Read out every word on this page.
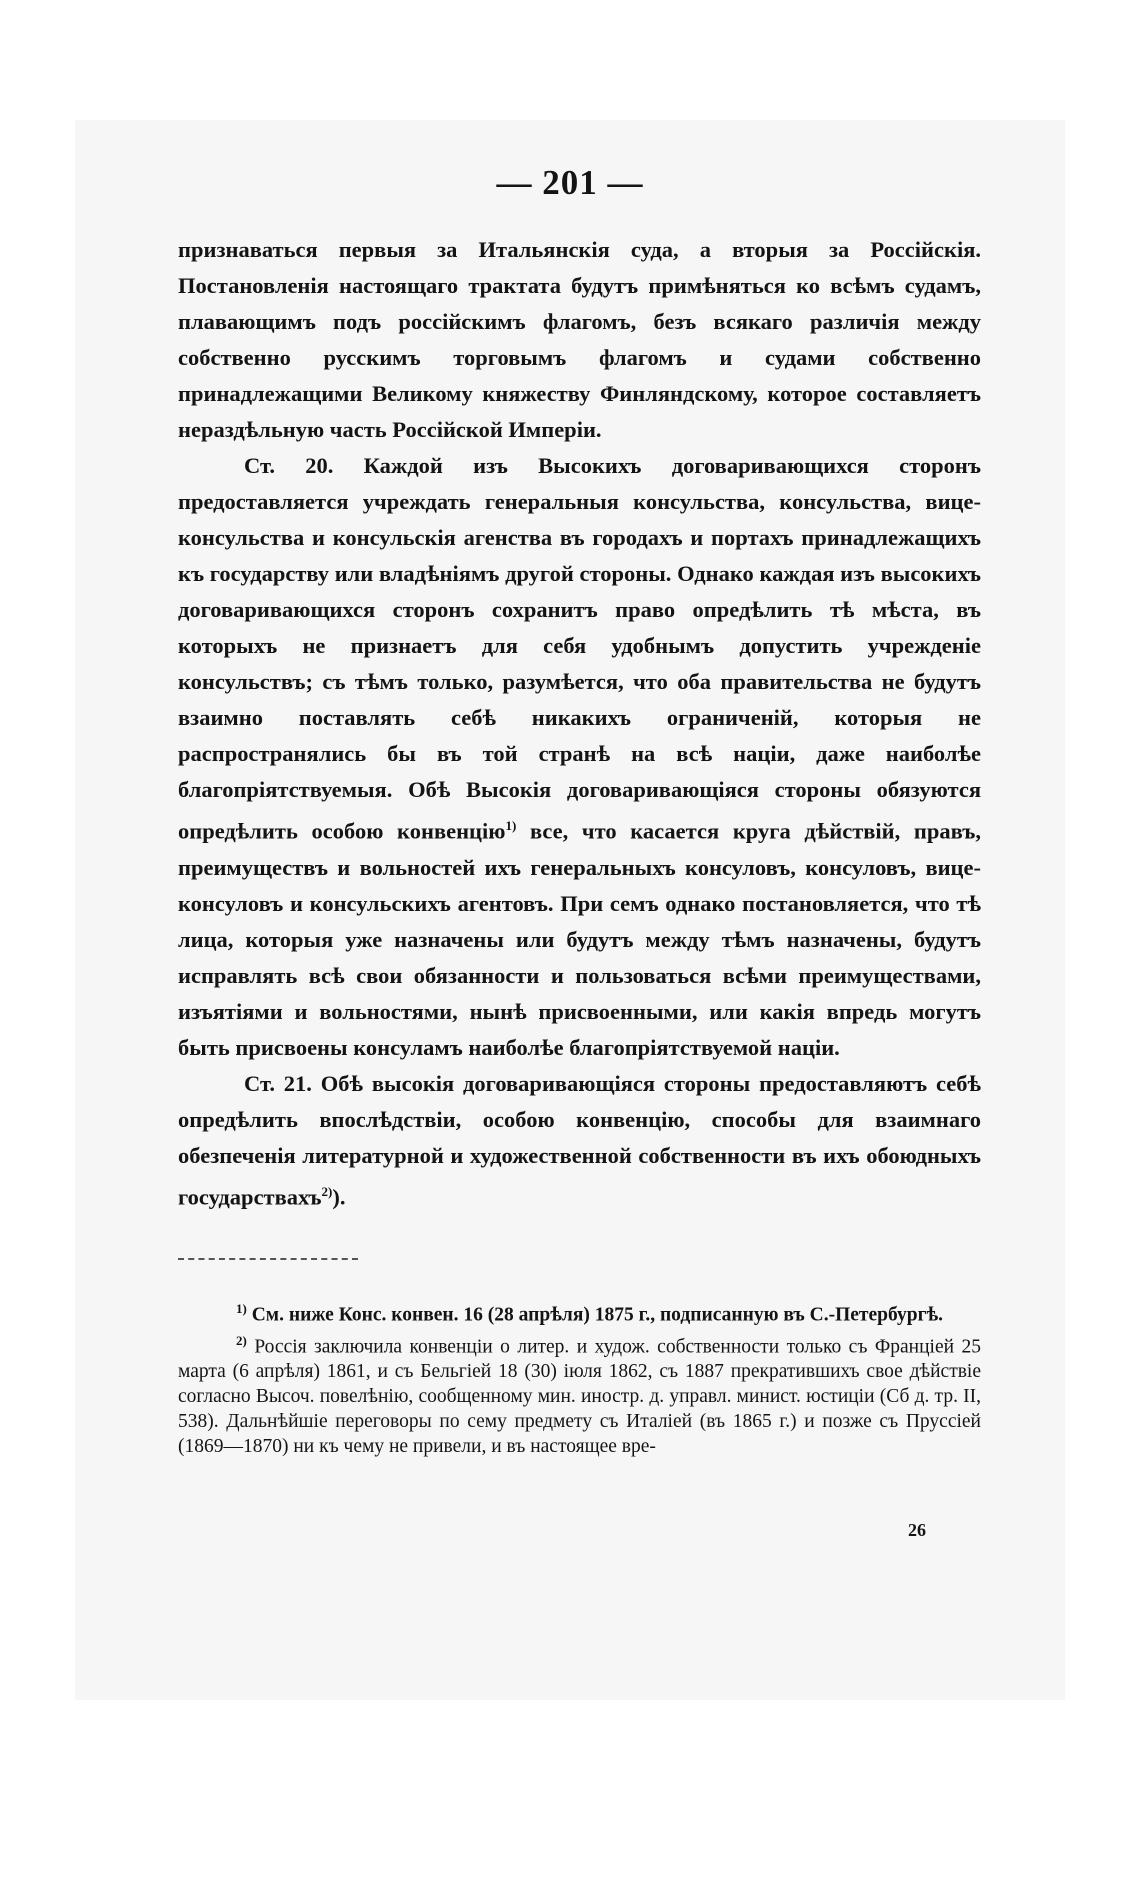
— 201 —

признаваться первыя за Итальянскія суда, а вторыя за Россійскія. Постановленія настоящаго трактата будутъ примѣняться ко всѣмъ судамъ, плавающимъ подъ россійскимъ флагомъ, безъ всякаго различія между собственно русскимъ торговымъ флагомъ и судами собственно принадлежащими Великому княжеству Финляндскому, которое составляетъ нераздѣльную часть Россійской Имперіи.

Ст. 20. Каждой изъ Высокихъ договаривающихся сторонъ предоставляется учреждать генеральныя консульства, консульства, вице-консульства и консульскія агенства въ городахъ и портахъ принадлежащихъ къ государству или владѣніямъ другой стороны. Однако каждая изъ высокихъ договаривающихся сторонъ сохранитъ право опредѣлить тѣ мѣста, въ которыхъ не признаетъ для себя удобнымъ допустить учрежденіе консульствъ; съ тѣмъ только, разумѣется, что оба правительства не будутъ взаимно поставлять себѣ никакихъ ограниченій, которыя не распространялись бы въ той странѣ на всѣ націи, даже наиболѣе благопріятствуемыя. Обѣ Высокія договаривающіяся стороны обязуются опредѣлить особою конвенцію$^{1)}$ все, что касается круга дѣйствій, правъ, преимуществъ и вольностей ихъ генеральныхъ консуловъ, консуловъ, вице-консуловъ и консульскихъ агентовъ. При семъ однако постановляется, что тѣ лица, которыя уже назначены или будутъ между тѣмъ назначены, будутъ исправлять всѣ свои обязанности и пользоваться всѣми преимуществами, изъятіями и вольностями, нынѣ присвоенными, или какія впредь могутъ быть присвоены консуламъ наиболѣе благопріятствуемой націи.

Ст. 21. Обѣ высокія договаривающіяся стороны предоставляютъ себѣ опредѣлить впослѣдствіи, особою конвенцію, способы для взаимнаго обезпеченія литературной и художественной собственности въ ихъ обоюдныхъ государствахъ$^{2)}$).

$^{1)}$ См. ниже Конс. конвен. 16 (28 апрѣля) 1875 г., подписанную въ С.-Петербургѣ.

$^{2)}$ Россія заключила конвенціи о литер. и худож. собственности только съ Франціей 25 марта (6 апрѣля) 1861, и съ Бельгіей 18 (30) іюля 1862, съ 1887 прекратившихъ свое дѣйствіе согласно Высоч. повелѣнію, сообщенному мин. иностр. д. управл. минист. юстиціи (Сб д. тр. II, 538). Дальнѣйшіе переговоры по сему предмету съ Италіей (въ 1865 г.) и позже съ Пруссіей (1869—1870) ни къ чему не привели, и въ настоящее вре-

26
